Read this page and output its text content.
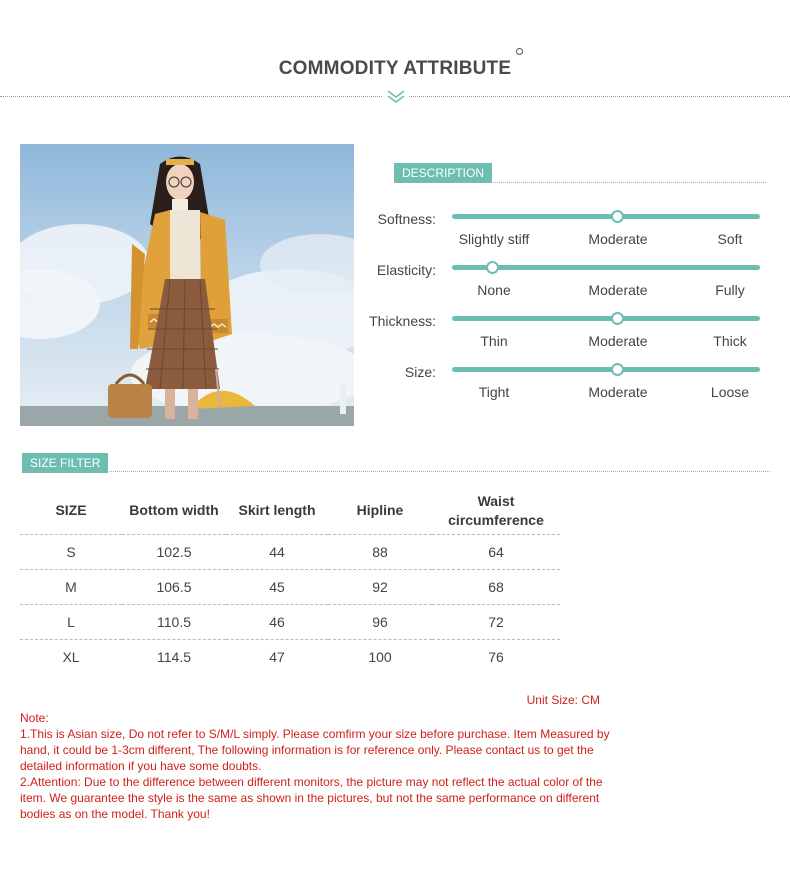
COMMODITY ATTRIBUTE
DESCRIPTION
Softness:
Slightly stiff	Moderate	Soft
Elasticity:
None	Moderate	Fully
Thickness:
Thin	Moderate	Thick
Size:
Tight	Moderate	Loose
SIZE FILTER
SIZE	Bottom width	Skirt length	Hipline	Waist circumference
S	102.5	44	88	64
M	106.5	45	92	68
L	110.5	46	96	72
XL	114.5	47	100	76
Unit Size: CM

Note:

1.This is Asian size, Do not refer to S/M/L simply. Please comfirm your size before purchase. Item Measured by hand, it could be 1-3cm different, The following information is for reference only. Please contact us to get the detailed information if you have some doubts.

2.Attention: Due to the difference between different monitors, the picture may not reflect the actual color of the item. We guarantee the style is the same as shown in the pictures, but not the same performance on different bodies as on the model. Thank you!
